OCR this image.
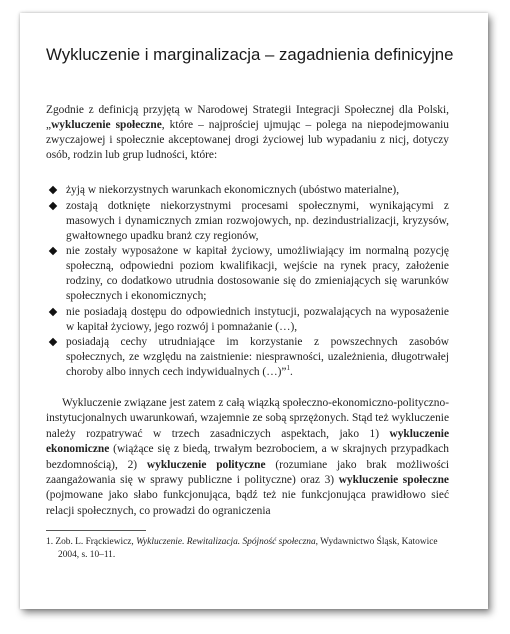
Wykluczenie i marginalizacja – zagadnienia definicyjne

Zgodnie z definicją przyjętą w Narodowej Strategii Integracji Społecznej dla Polski, „wykluczenie społeczne, które – najprościej ujmując – polega na niepodejmowaniu zwyczajowej i społecznie akceptowanej drogi życiowej lub wypadaniu z nicj, dotyczy osób, rodzin lub grup ludności, które:

żyją w niekorzystnych warunkach ekonomicznych (ubóstwo materialne),
zostają dotknięte niekorzystnymi procesami społecznymi, wynikającymi z masowych i dynamicznych zmian rozwojowych, np. dezindustrializacji, kryzysów, gwałtownego upadku branż czy regionów,
nie zostały wyposażone w kapitał życiowy, umożliwiający im normalną pozycję społeczną, odpowiedni poziom kwalifikacji, wejście na rynek pracy, założenie rodziny, co dodatkowo utrudnia dostosowanie się do zmieniających się warunków społecznych i ekonomicznych;
nie posiadają dostępu do odpowiednich instytucji, pozwalających na wyposażenie w kapitał życiowy, jego rozwój i pomnażanie (…),
posiadają cechy utrudniające im korzystanie z powszechnych zasobów społecznych, ze względu na zaistnienie: niesprawności, uzależnienia, długotrwałej choroby albo innych cech indywidualnych (…)”$^1$.

Wykluczenie związane jest zatem z całą wiązką społeczno-ekonomiczno-polityczno-instytucjonalnych uwarunkowań, wzajemnie ze sobą sprzężonych. Stąd też wykluczenie należy rozpatrywać w trzech zasadniczych aspektach, jako 1) wykluczenie ekonomiczne (wiążące się z biedą, trwałym bezrobociem, a w skrajnych przypadkach bezdomnością), 2) wykluczenie polityczne (rozumiane jako brak możliwości zaangażowania się w sprawy publiczne i polityczne) oraz 3) wykluczenie społeczne (pojmowane jako słabo funkcjonująca, bądź też nie funkcjonująca prawidłowo sieć relacji społecznych, co prowadzi do ograniczenia

1. Zob. L. Frąckiewicz, Wykluczenie. Rewitalizacja. Spójność społeczna, Wydawnictwo Śląsk, Katowice 2004, s. 10–11.
